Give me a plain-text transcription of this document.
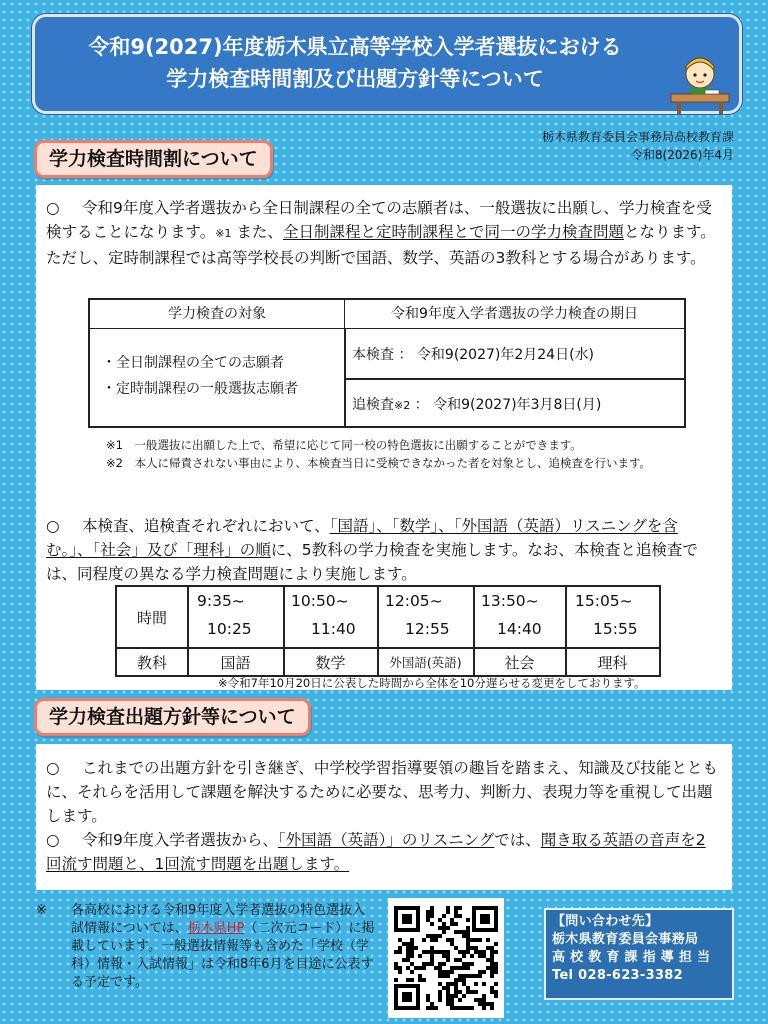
令和9(2027)年度栃木県立高等学校入学者選抜における
学力検査時間割及び出題方針等について
栃木県教育委員会事務局高校教育課
令和8(2026)年4月
学力検査時間割について
○ 令和9年度入学者選抜から全日制課程の全ての志願者は、一般選抜に出願し、学力検査を受検することになります。※1 また、全日制課程と定時制課程とで同一の学力検査問題となります。ただし、定時制課程では高等学校長の判断で国語、数学、英語の3教科とする場合があります。
学力検査の対象	令和9年度入学者選抜の学力検査の期日
・全日制課程の全ての志願者
・定時制課程の一般選抜志願者
本検査 ： 令和9(2027)年2月24日(水)
追検査※2 ： 令和9(2027)年3月8日(月)
※1　一般選抜に出願した上で、希望に応じて同一校の特色選抜に出願することができます。
※2　本人に帰責されない事由により、本検査当日に受検できなかった者を対象とし、追検査を行います。
○ 本検査、追検査それぞれにおいて、「国語」、「数学」、「外国語（英語）リスニングを含む。」、「社会」及び「理科」の順に、5教科の学力検査を実施します。なお、本検査と追検査では、同程度の異なる学力検査問題により実施します。
時間
教科
9:35~
10:25
国語
10:50~
11:40
数学
12:05~
12:55
外国語(英語)
13:50~
14:40
社会
15:05~
15:55
理科
※令和7年10月20日に公表した時間から全体を10分遅らせる変更をしております。
学力検査出題方針等について
○ これまでの出題方針を引き継ぎ、中学校学習指導要領の趣旨を踏まえ、知識及び技能とともに、それらを活用して課題を解決するために必要な、思考力、判断力、表現力等を重視して出題します。
○ 令和9年度入学者選抜から、「外国語（英語）」のリスニングでは、聞き取る英語の音声を2回流す問題と、1回流す問題を出題します。
※ 各高校における令和9年度入学者選抜の特色選抜入試情報については、栃木県HP（二次元コード）に掲載しています。一般選抜情報等も含めた「学校（学科）情報・入試情報」は令和8年6月を目途に公表する予定です。
【問い合わせ先】
栃木県教育委員会事務局
高 校 教 育 課 指 導 担 当
Tel 028-623-3382
